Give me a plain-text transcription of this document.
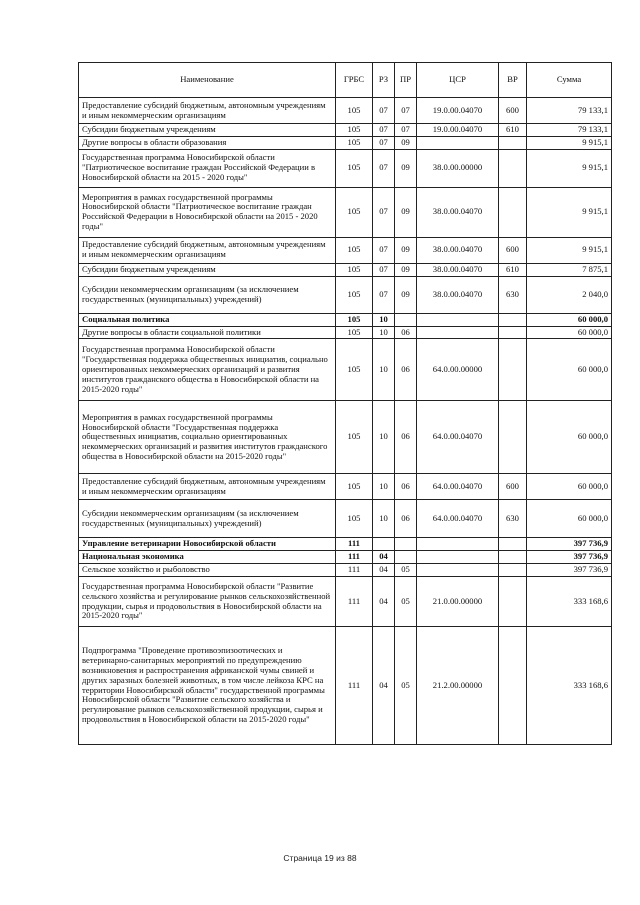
Наименование	ГРБС	РЗ	ПР	ЦСР	ВР	Сумма
Предоставление субсидий бюджетным, автономным учреждениям и иным некоммерческим организациям	105	07	07	19.0.00.04070	600	79 133,1
Субсидии бюджетным учреждениям	105	07	07	19.0.00.04070	610	79 133,1
Другие вопросы в области образования	105	07	09			9 915,1
Государственная программа Новосибирской области "Патриотическое воспитание граждан Российской Федерации в Новосибирской области на 2015 - 2020 годы"	105	07	09	38.0.00.00000		9 915,1
Мероприятия в рамках государственной программы Новосибирской области "Патриотическое воспитание граждан Российской Федерации в Новосибирской области на 2015 - 2020 годы"	105	07	09	38.0.00.04070		9 915,1
Предоставление субсидий бюджетным, автономным учреждениям и иным некоммерческим организациям	105	07	09	38.0.00.04070	600	9 915,1
Субсидии бюджетным учреждениям	105	07	09	38.0.00.04070	610	7 875,1
Субсидии некоммерческим организациям (за исключением государственных (муниципальных) учреждений)	105	07	09	38.0.00.04070	630	2 040,0
Социальная политика	105	10				60 000,0
Другие вопросы в области социальной политики	105	10	06			60 000,0
Государственная программа Новосибирской области "Государственная поддержка общественных инициатив, социально ориентированных некоммерческих организаций и развития институтов гражданского общества в Новосибирской области на 2015-2020 годы"	105	10	06	64.0.00.00000		60 000,0
Мероприятия в рамках государственной программы Новосибирской области "Государственная поддержка общественных инициатив, социально ориентированных некоммерческих организаций и развития институтов гражданского общества в Новосибирской области на 2015-2020 годы"	105	10	06	64.0.00.04070		60 000,0
Предоставление субсидий бюджетным, автономным учреждениям и иным некоммерческим организациям	105	10	06	64.0.00.04070	600	60 000,0
Субсидии некоммерческим организациям (за исключением государственных (муниципальных) учреждений)	105	10	06	64.0.00.04070	630	60 000,0
Управление ветеринарии Новосибирской области	111					397 736,9
Национальная экономика	111	04				397 736,9
Сельское хозяйство и рыболовство	111	04	05			397 736,9
Государственная программа Новосибирской области "Развитие сельского хозяйства и регулирование рынков сельскохозяйственной продукции, сырья и продовольствия в Новосибирской области на 2015-2020 годы"	111	04	05	21.0.00.00000		333 168,6
Подпрограмма "Проведение противоэпизоотических и ветеринарно-санитарных мероприятий по предупреждению возникновения и распространения африканской чумы свиней и других заразных болезней животных, в том числе лейкоза КРС на территории Новосибирской области" государственной программы Новосибирской области "Развитие сельского хозяйства и регулирование рынков сельскохозяйственной продукции, сырья и продовольствия в Новосибирской области на 2015-2020 годы"	111	04	05	21.2.00.00000		333 168,6
Страница 19 из 88
